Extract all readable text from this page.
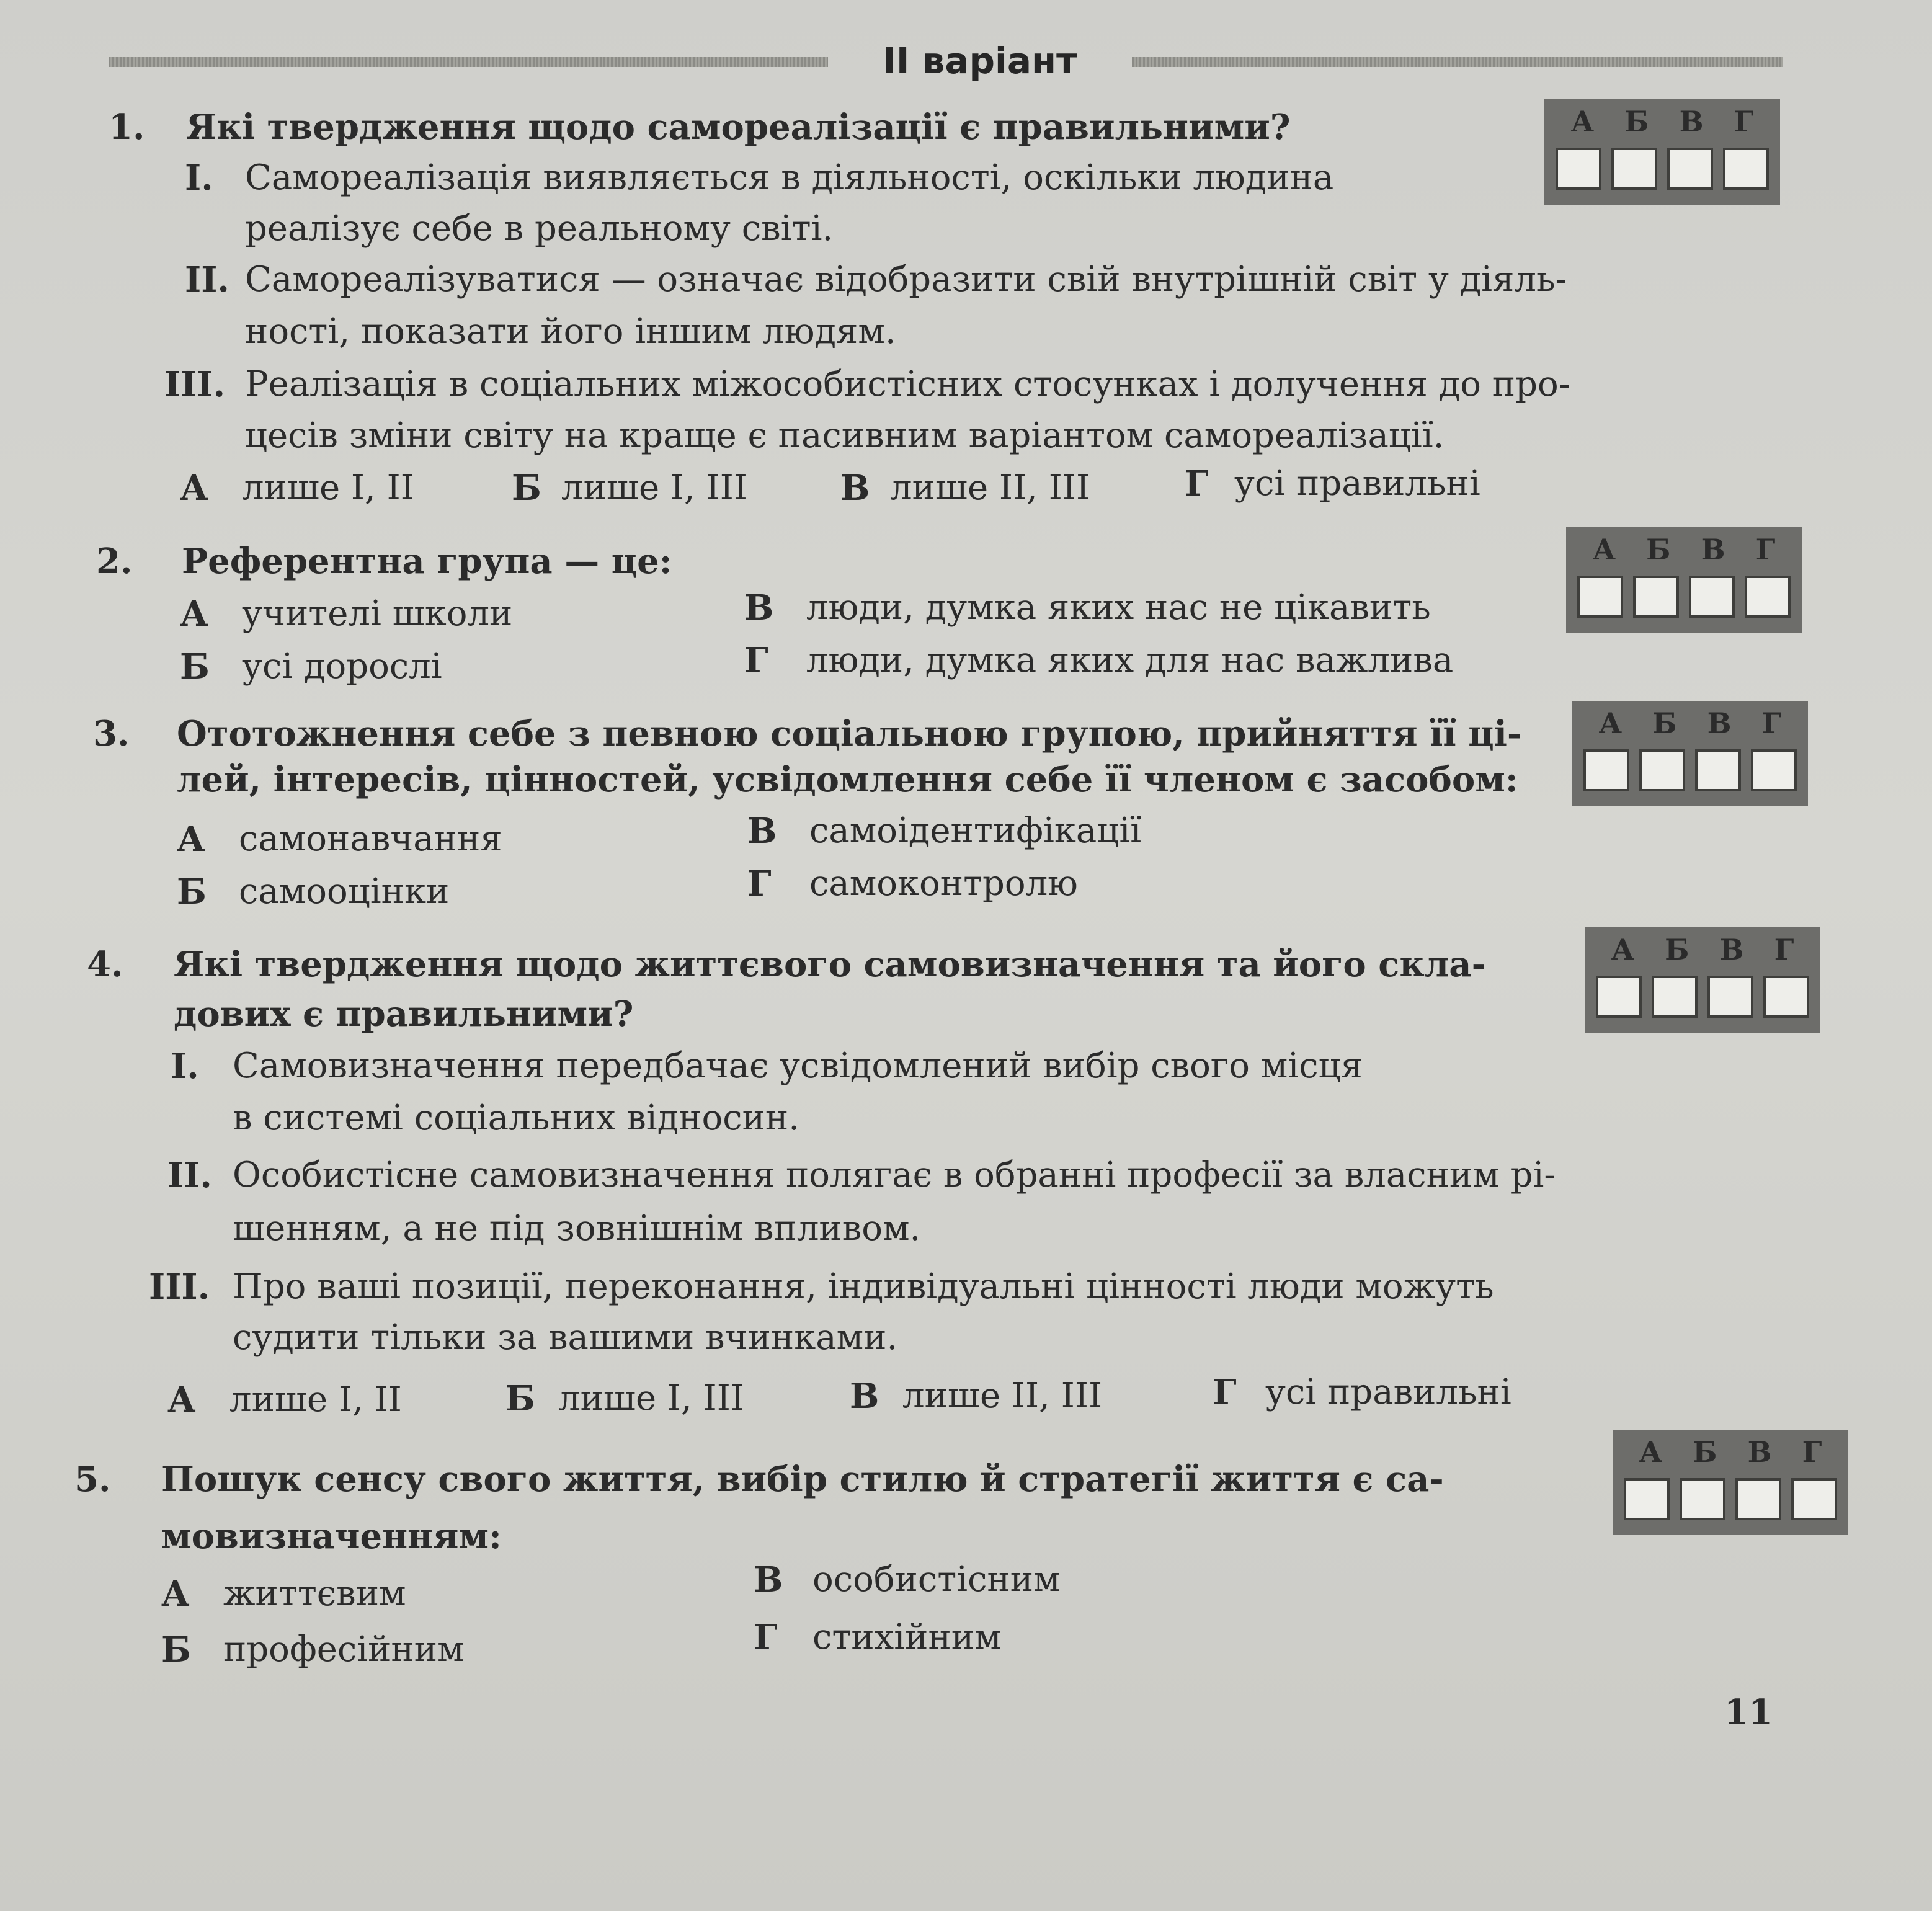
ІІ варіант
1. Які твердження щодо самореалізації є правильними?
І. Самореалізація виявляється в діяльності, оскільки людина
реалізує себе в реальному світі.
ІІ. Самореалізуватися — означає відобразити свій внутрішній світ у діяль-
ності, показати його іншим людям.
ІІІ. Реалізація в соціальних міжособистісних стосунках і долучення до про-
цесів зміни світу на краще є пасивним варіантом самореалізації.
А лише І, ІІ	Б лише І, ІІІ	В лише ІІ, ІІІ	Г усі правильні
А Б В Г
2. Референтна група — це:
А учителі школи
Б усі дорослі
В люди, думка яких нас не цікавить
Г люди, думка яких для нас важлива
А Б В Г
3. Ототожнення себе з певною соціальною групою, прийняття її ці-
лей, інтересів, цінностей, усвідомлення себе її членом є засобом:
А самонавчання
Б самооцінки
В самоідентифікації
Г самоконтролю
А Б В Г
4. Які твердження щодо життєвого самовизначення та його скла-
дових є правильними?
І. Самовизначення передбачає усвідомлений вибір свого місця
в системі соціальних відносин.
ІІ. Особистісне самовизначення полягає в обранні професії за власним рі-
шенням, а не під зовнішнім впливом.
ІІІ. Про ваші позиції, переконання, індивідуальні цінності люди можуть
судити тільки за вашими вчинками.
А лише І, ІІ	Б лише І, ІІІ	В лише ІІ, ІІІ	Г усі правильні
А Б В Г
5. Пошук сенсу свого життя, вибір стилю й стратегії життя є са-
мовизначенням:
А життєвим
Б професійним
В особистісним
Г стихійним
А Б В Г
11
